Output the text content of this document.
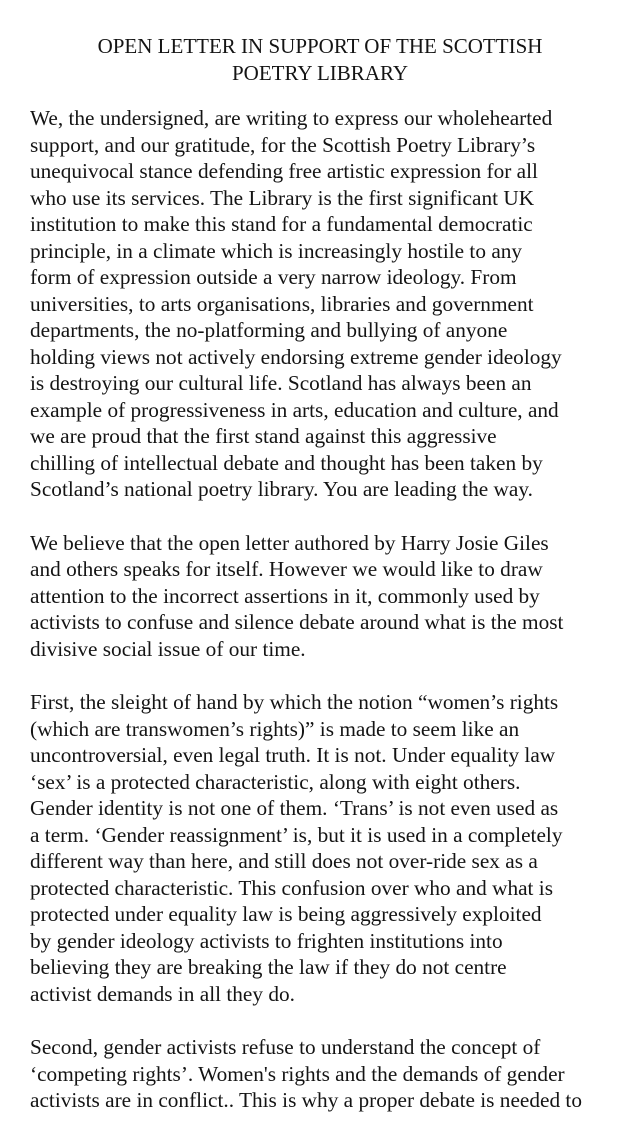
OPEN LETTER IN SUPPORT OF THE SCOTTISH
POETRY LIBRARY
We, the undersigned, are writing to express our wholehearted
support, and our gratitude, for the Scottish Poetry Library’s
unequivocal stance defending free artistic expression for all
who use its services. The Library is the first significant UK
institution to make this stand for a fundamental democratic
principle, in a climate which is increasingly hostile to any
form of expression outside a very narrow ideology. From
universities, to arts organisations, libraries and government
departments, the no-platforming and bullying of anyone
holding views not actively endorsing extreme gender ideology
is destroying our cultural life. Scotland has always been an
example of progressiveness in arts, education and culture, and
we are proud that the first stand against this aggressive
chilling of intellectual debate and thought has been taken by
Scotland’s national poetry library. You are leading the way.
We believe that the open letter authored by Harry Josie Giles
and others speaks for itself. However we would like to draw
attention to the incorrect assertions in it, commonly used by
activists to confuse and silence debate around what is the most
divisive social issue of our time.
First, the sleight of hand by which the notion “women’s rights
(which are transwomen’s rights)” is made to seem like an
uncontroversial, even legal truth. It is not. Under equality law
‘sex’ is a protected characteristic, along with eight others.
Gender identity is not one of them. ‘Trans’ is not even used as
a term. ‘Gender reassignment’ is, but it is used in a completely
different way than here, and still does not over-ride sex as a
protected characteristic. This confusion over who and what is
protected under equality law is being aggressively exploited
by gender ideology activists to frighten institutions into
believing they are breaking the law if they do not centre
activist demands in all they do.
Second, gender activists refuse to understand the concept of
‘competing rights’. Women's rights and the demands of gender
activists are in conflict.. This is why a proper debate is needed to
